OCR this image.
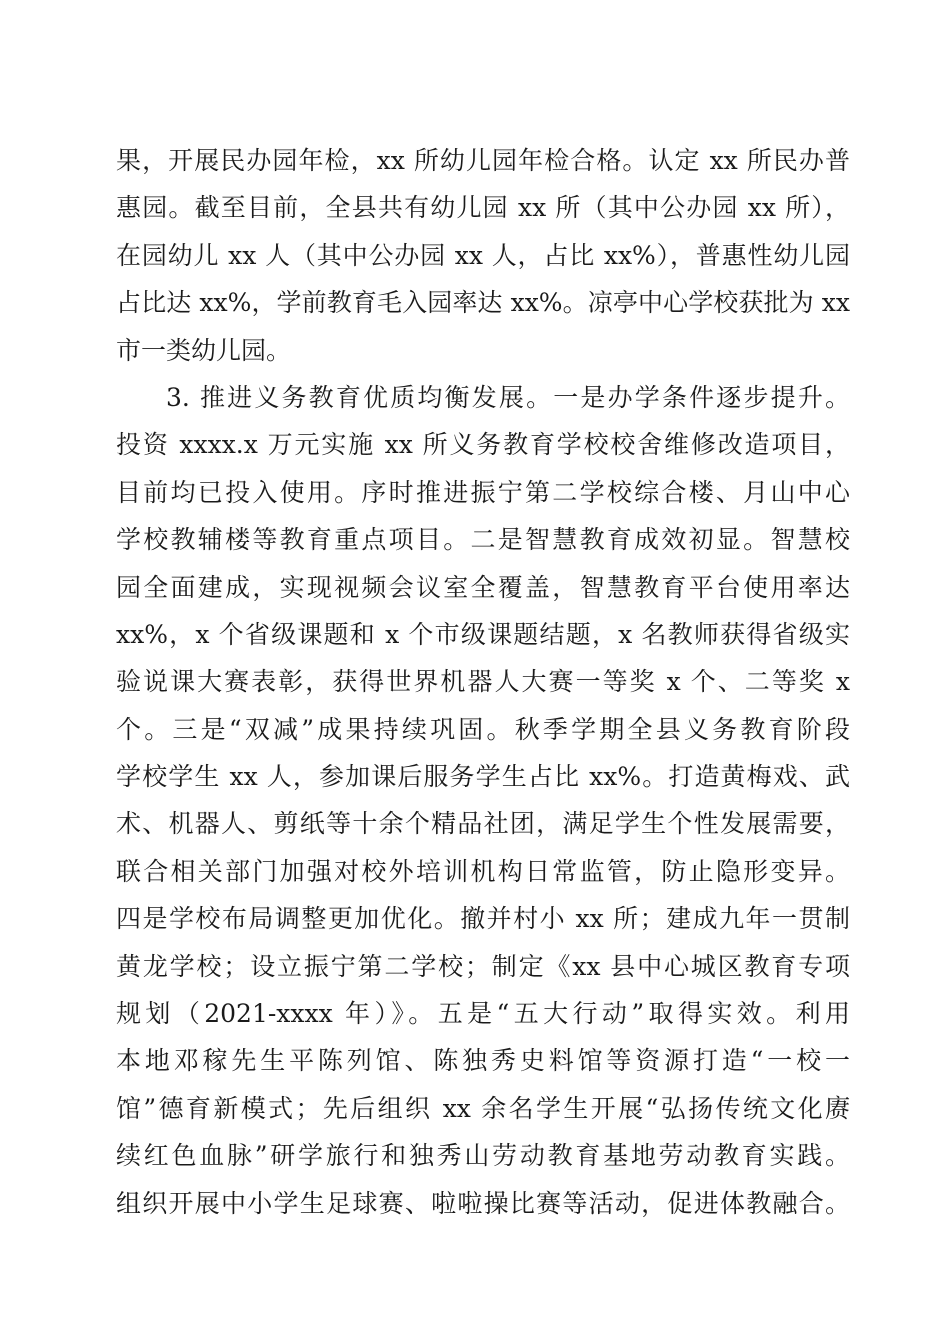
果，开展民办园年检，xx 所幼儿园年检合格。认定 xx 所民办普
惠园。截至目前，全县共有幼儿园 xx 所（其中公办园 xx 所），
在园幼儿 xx 人（其中公办园 xx 人，占比 xx%），普惠性幼儿园
占比达 xx%，学前教育毛入园率达 xx%。凉亭中心学校获批为 xx
市一类幼儿园。
3. 推进义务教育优质均衡发展。一是办学条件逐步提升。
投资 xxxx.x 万元实施 xx 所义务教育学校校舍维修改造项目，
目前均已投入使用。序时推进振宁第二学校综合楼、月山中心
学校教辅楼等教育重点项目。二是智慧教育成效初显。智慧校
园全面建成，实现视频会议室全覆盖，智慧教育平台使用率达
xx%，x 个省级课题和 x 个市级课题结题，x 名教师获得省级实
验说课大赛表彰，获得世界机器人大赛一等奖 x 个、二等奖 x
个。三是“双减”成果持续巩固。秋季学期全县义务教育阶段
学校学生 xx 人，参加课后服务学生占比 xx%。打造黄梅戏、武
术、机器人、剪纸等十余个精品社团，满足学生个性发展需要，
联合相关部门加强对校外培训机构日常监管，防止隐形变异。
四是学校布局调整更加优化。撤并村小 xx 所；建成九年一贯制
黄龙学校；设立振宁第二学校；制定《xx 县中心城区教育专项
规划（2021-xxxx 年）》。五是“五大行动”取得实效。利用
本地邓稼先生平陈列馆、陈独秀史料馆等资源打造“一校一
馆”德育新模式；先后组织 xx 余名学生开展“弘扬传统文化赓
续红色血脉”研学旅行和独秀山劳动教育基地劳动教育实践。
组织开展中小学生足球赛、啦啦操比赛等活动，促进体教融合。
